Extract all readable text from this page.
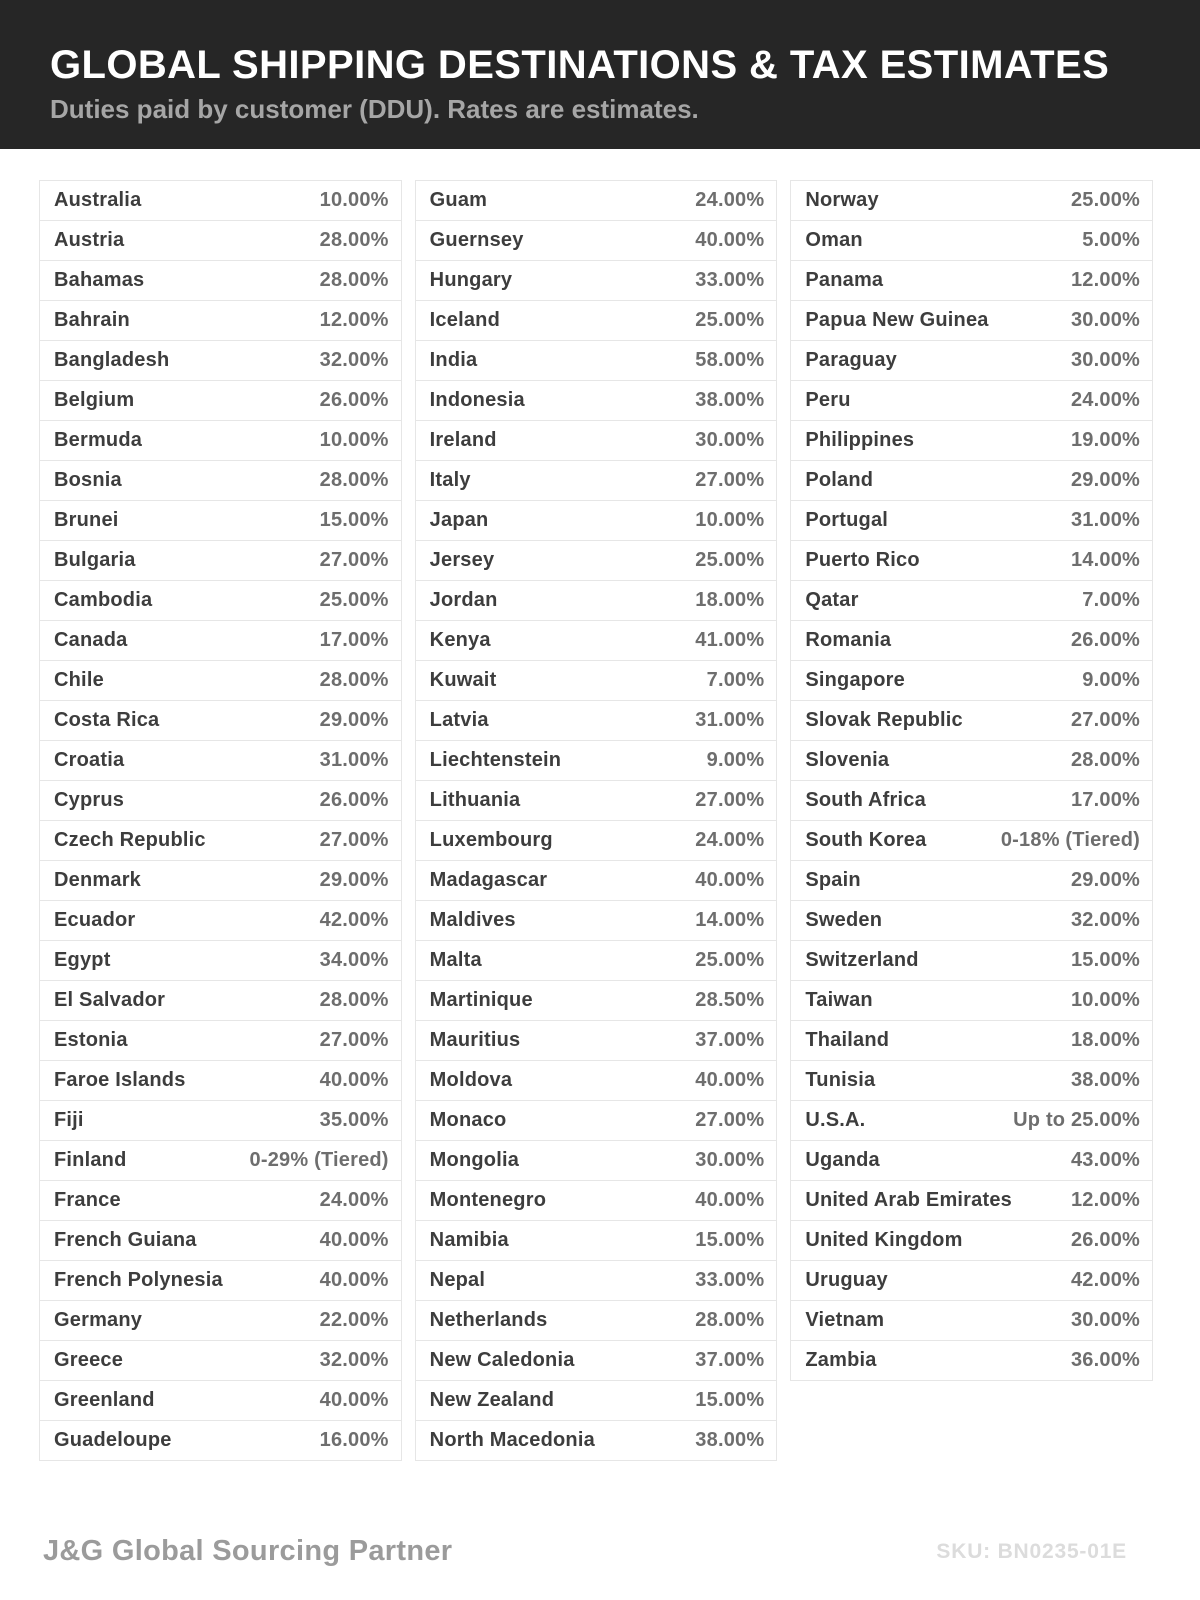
GLOBAL SHIPPING DESTINATIONS & TAX ESTIMATES

Duties paid by customer (DDU). Rates are estimates.

Australia	10.00%
Austria	28.00%
Bahamas	28.00%
Bahrain	12.00%
Bangladesh	32.00%
Belgium	26.00%
Bermuda	10.00%
Bosnia	28.00%
Brunei	15.00%
Bulgaria	27.00%
Cambodia	25.00%
Canada	17.00%
Chile	28.00%
Costa Rica	29.00%
Croatia	31.00%
Cyprus	26.00%
Czech Republic	27.00%
Denmark	29.00%
Ecuador	42.00%
Egypt	34.00%
El Salvador	28.00%
Estonia	27.00%
Faroe Islands	40.00%
Fiji	35.00%
Finland	0-29% (Tiered)
France	24.00%
French Guiana	40.00%
French Polynesia	40.00%
Germany	22.00%
Greece	32.00%
Greenland	40.00%
Guadeloupe	16.00%
Guam	24.00%
Guernsey	40.00%
Hungary	33.00%
Iceland	25.00%
India	58.00%
Indonesia	38.00%
Ireland	30.00%
Italy	27.00%
Japan	10.00%
Jersey	25.00%
Jordan	18.00%
Kenya	41.00%
Kuwait	7.00%
Latvia	31.00%
Liechtenstein	9.00%
Lithuania	27.00%
Luxembourg	24.00%
Madagascar	40.00%
Maldives	14.00%
Malta	25.00%
Martinique	28.50%
Mauritius	37.00%
Moldova	40.00%
Monaco	27.00%
Mongolia	30.00%
Montenegro	40.00%
Namibia	15.00%
Nepal	33.00%
Netherlands	28.00%
New Caledonia	37.00%
New Zealand	15.00%
North Macedonia	38.00%
Norway	25.00%
Oman	5.00%
Panama	12.00%
Papua New Guinea	30.00%
Paraguay	30.00%
Peru	24.00%
Philippines	19.00%
Poland	29.00%
Portugal	31.00%
Puerto Rico	14.00%
Qatar	7.00%
Romania	26.00%
Singapore	9.00%
Slovak Republic	27.00%
Slovenia	28.00%
South Africa	17.00%
South Korea	0-18% (Tiered)
Spain	29.00%
Sweden	32.00%
Switzerland	15.00%
Taiwan	10.00%
Thailand	18.00%
Tunisia	38.00%
U.S.A.	Up to 25.00%
Uganda	43.00%
United Arab Emirates	12.00%
United Kingdom	26.00%
Uruguay	42.00%
Vietnam	30.00%
Zambia	36.00%
J&G Global Sourcing Partner	SKU: BN0235-01E
